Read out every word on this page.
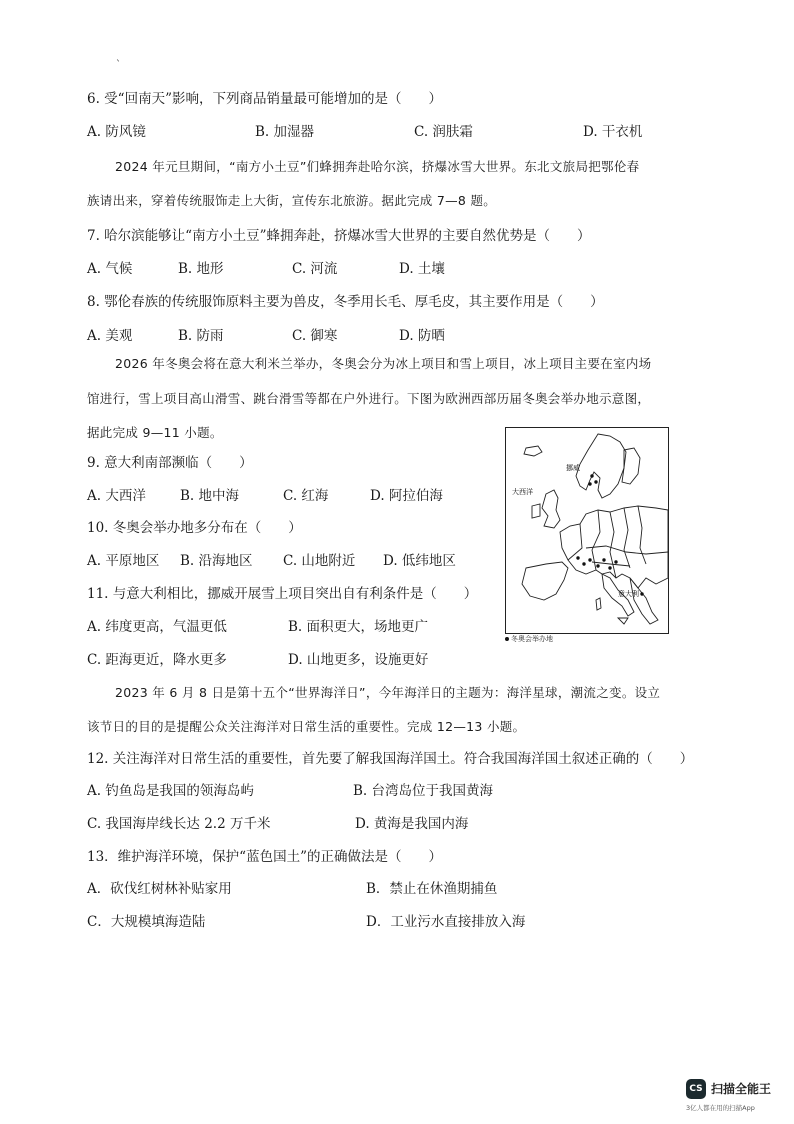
`
6. 受“回南天”影响，下列商品销量最可能增加的是（　　）
A. 防风镜	B. 加湿器	C. 润肤霜	D. 干衣机
2024 年元旦期间，“南方小土豆”们蜂拥奔赴哈尔滨，挤爆冰雪大世界。东北文旅局把鄂伦春
族请出来，穿着传统服饰走上大街，宣传东北旅游。据此完成 7—8 题。
7. 哈尔滨能够让“南方小土豆”蜂拥奔赴，挤爆冰雪大世界的主要自然优势是（　　）
A. 气候	B. 地形	C. 河流	D. 土壤
8. 鄂伦春族的传统服饰原料主要为兽皮，冬季用长毛、厚毛皮，其主要作用是（　　）
A. 美观	B. 防雨	C. 御寒	D. 防晒
2026 年冬奥会将在意大利米兰举办，冬奥会分为冰上项目和雪上项目，冰上项目主要在室内场
馆进行，雪上项目高山滑雪、跳台滑雪等都在户外进行。下图为欧洲西部历届冬奥会举办地示意图，
据此完成 9—11 小题。
9. 意大利南部濒临（　　）
A. 大西洋	B. 地中海	C. 红海	D. 阿拉伯海
10. 冬奥会举办地多分布在（　　）
A. 平原地区 B. 沿海地区 C. 山地附近 D. 低纬地区
11. 与意大利相比，挪威开展雪上项目突出自有利条件是（　　）
A. 纬度更高，气温更低	B. 面积更大，场地更广
C. 距海更近，降水更多	D. 山地更多，设施更好
挪威
大西洋
意大利
冬奥会举办地
2023 年 6 月 8 日是第十五个“世界海洋日”，今年海洋日的主题为：海洋星球，潮流之变。设立
该节日的目的是提醒公众关注海洋对日常生活的重要性。完成 12—13 小题。
12. 关注海洋对日常生活的重要性，首先要了解我国海洋国土。符合我国海洋国土叙述正确的（　　）
A. 钓鱼岛是我国的领海岛屿	B. 台湾岛位于我国黄海
C. 我国海岸线长达 2.2 万千米	D. 黄海是我国内海
13．维护海洋环境，保护“蓝色国土”的正确做法是（　　）
A．砍伐红树林补贴家用	B．禁止在休渔期捕鱼
C．大规模填海造陆	D．工业污水直接排放入海
CS 扫描全能王
3亿人都在用的扫描App
